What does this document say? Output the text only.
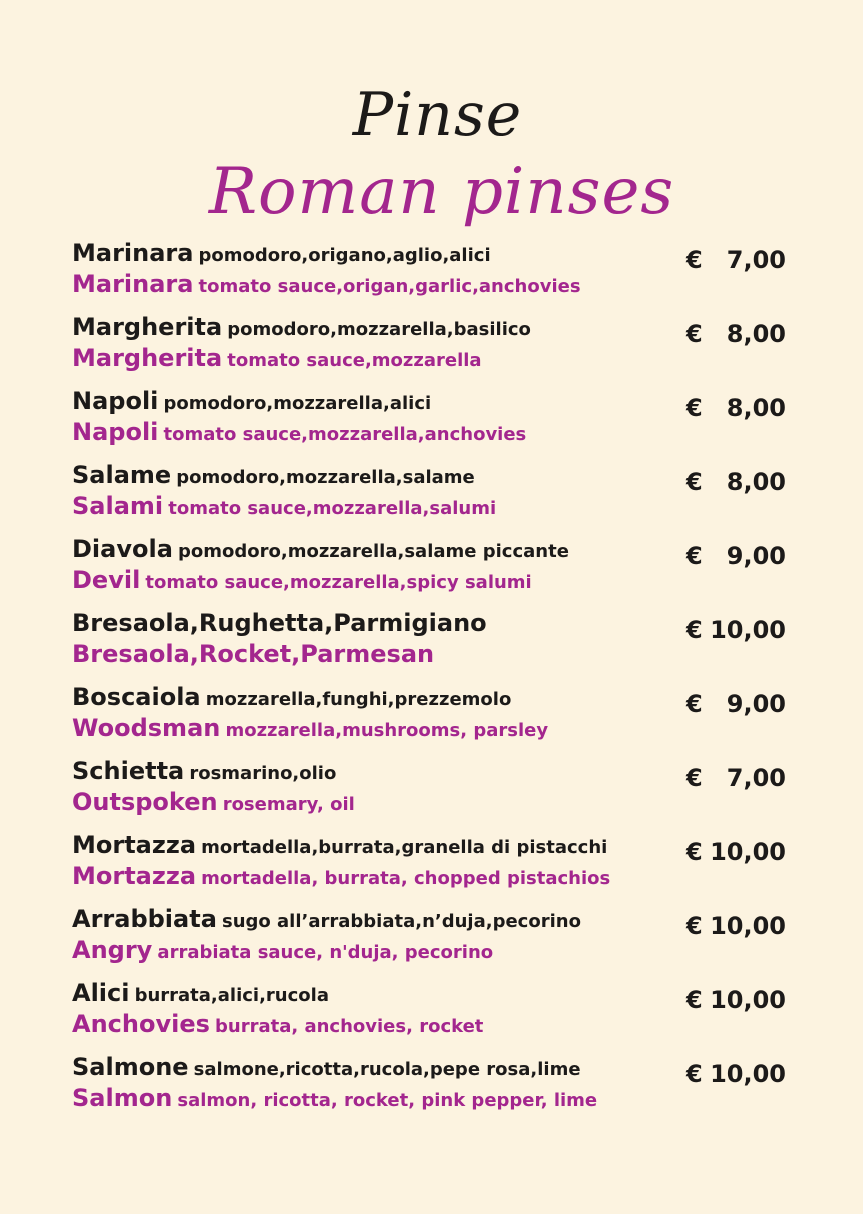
Pinse
Roman pinses
Marinara pomodoro,origano,aglio,alici
Marinara tomato sauce,origan,garlic,anchovies
€ 7,00
Margherita pomodoro,mozzarella,basilico
Margherita tomato sauce,mozzarella
€ 8,00
Napoli pomodoro,mozzarella,alici
Napoli tomato sauce,mozzarella,anchovies
€ 8,00
Salame pomodoro,mozzarella,salame
Salami tomato sauce,mozzarella,salumi
€ 8,00
Diavola pomodoro,mozzarella,salame piccante
Devil tomato sauce,mozzarella,spicy salumi
€ 9,00
Bresaola,Rughetta,Parmigiano
Bresaola,Rocket,Parmesan
€ 10,00
Boscaiola mozzarella,funghi,prezzemolo
Woodsman mozzarella,mushrooms, parsley
€ 9,00
Schietta rosmarino,olio
Outspoken rosemary, oil
€ 7,00
Mortazza mortadella,burrata,granella di pistacchi
Mortazza mortadella, burrata, chopped pistachios
€ 10,00
Arrabbiata sugo all’arrabbiata,n’duja,pecorino
Angry arrabiata sauce, n'duja, pecorino
€ 10,00
Alici burrata,alici,rucola
Anchovies burrata, anchovies, rocket
€ 10,00
Salmone salmone,ricotta,rucola,pepe rosa,lime
Salmon salmon, ricotta, rocket, pink pepper, lime
€ 10,00
